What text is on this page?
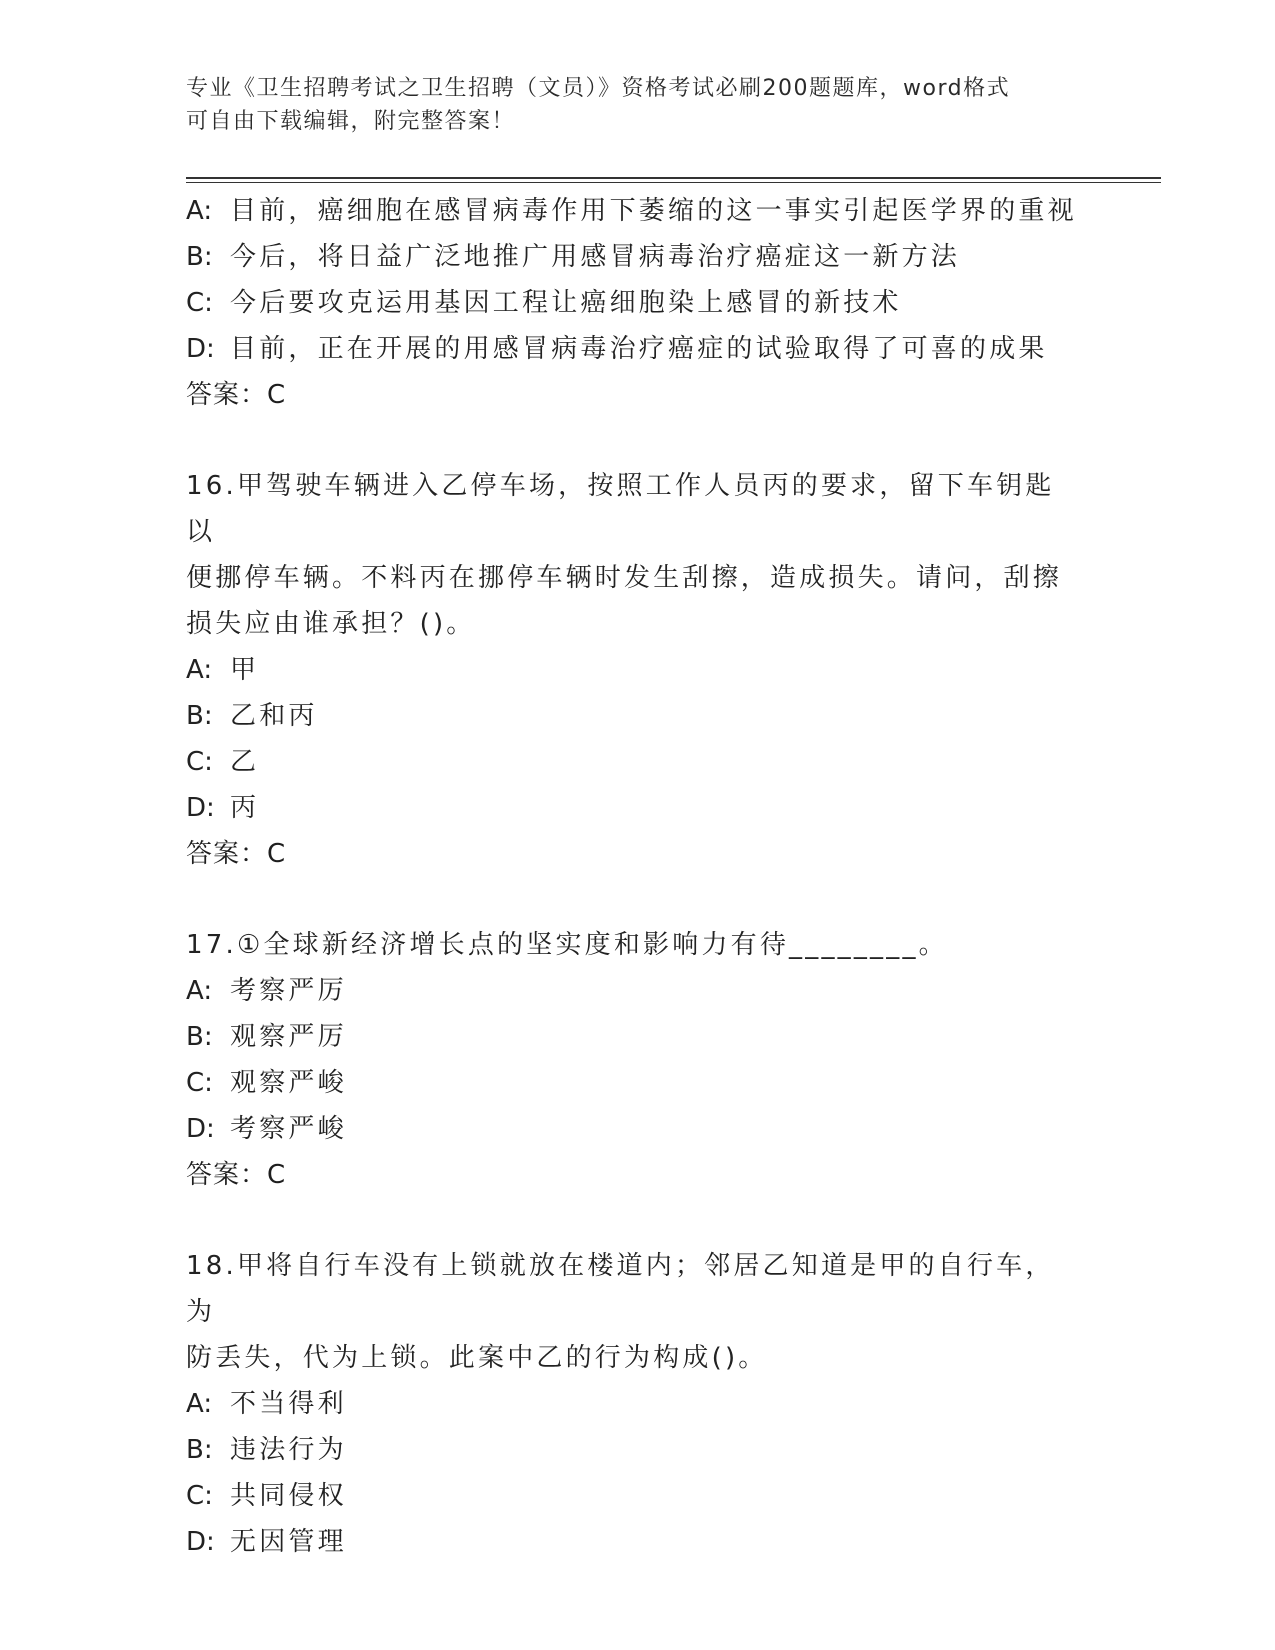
专业《卫生招聘考试之卫生招聘（文员）》资格考试必刷200题题库，word格式

可自由下载编辑，附完整答案！

A: 目前，癌细胞在感冒病毒作用下萎缩的这一事实引起医学界的重视
B: 今后，将日益广泛地推广用感冒病毒治疗癌症这一新方法
C: 今后要攻克运用基因工程让癌细胞染上感冒的新技术
D: 目前，正在开展的用感冒病毒治疗癌症的试验取得了可喜的成果
答案：C
16.甲驾驶车辆进入乙停车场，按照工作人员丙的要求，留下车钥匙以
便挪停车辆。不料丙在挪停车辆时发生刮擦，造成损失。请问，刮擦
损失应由谁承担？()。
A: 甲
B: 乙和丙
C: 乙
D: 丙
答案：C
17.①全球新经济增长点的坚实度和影响力有待________。
A: 考察严厉
B: 观察严厉
C: 观察严峻
D: 考察严峻
答案：C
18.甲将自行车没有上锁就放在楼道内；邻居乙知道是甲的自行车，为
防丢失，代为上锁。此案中乙的行为构成()。
A: 不当得利
B: 违法行为
C: 共同侵权
D: 无因管理
